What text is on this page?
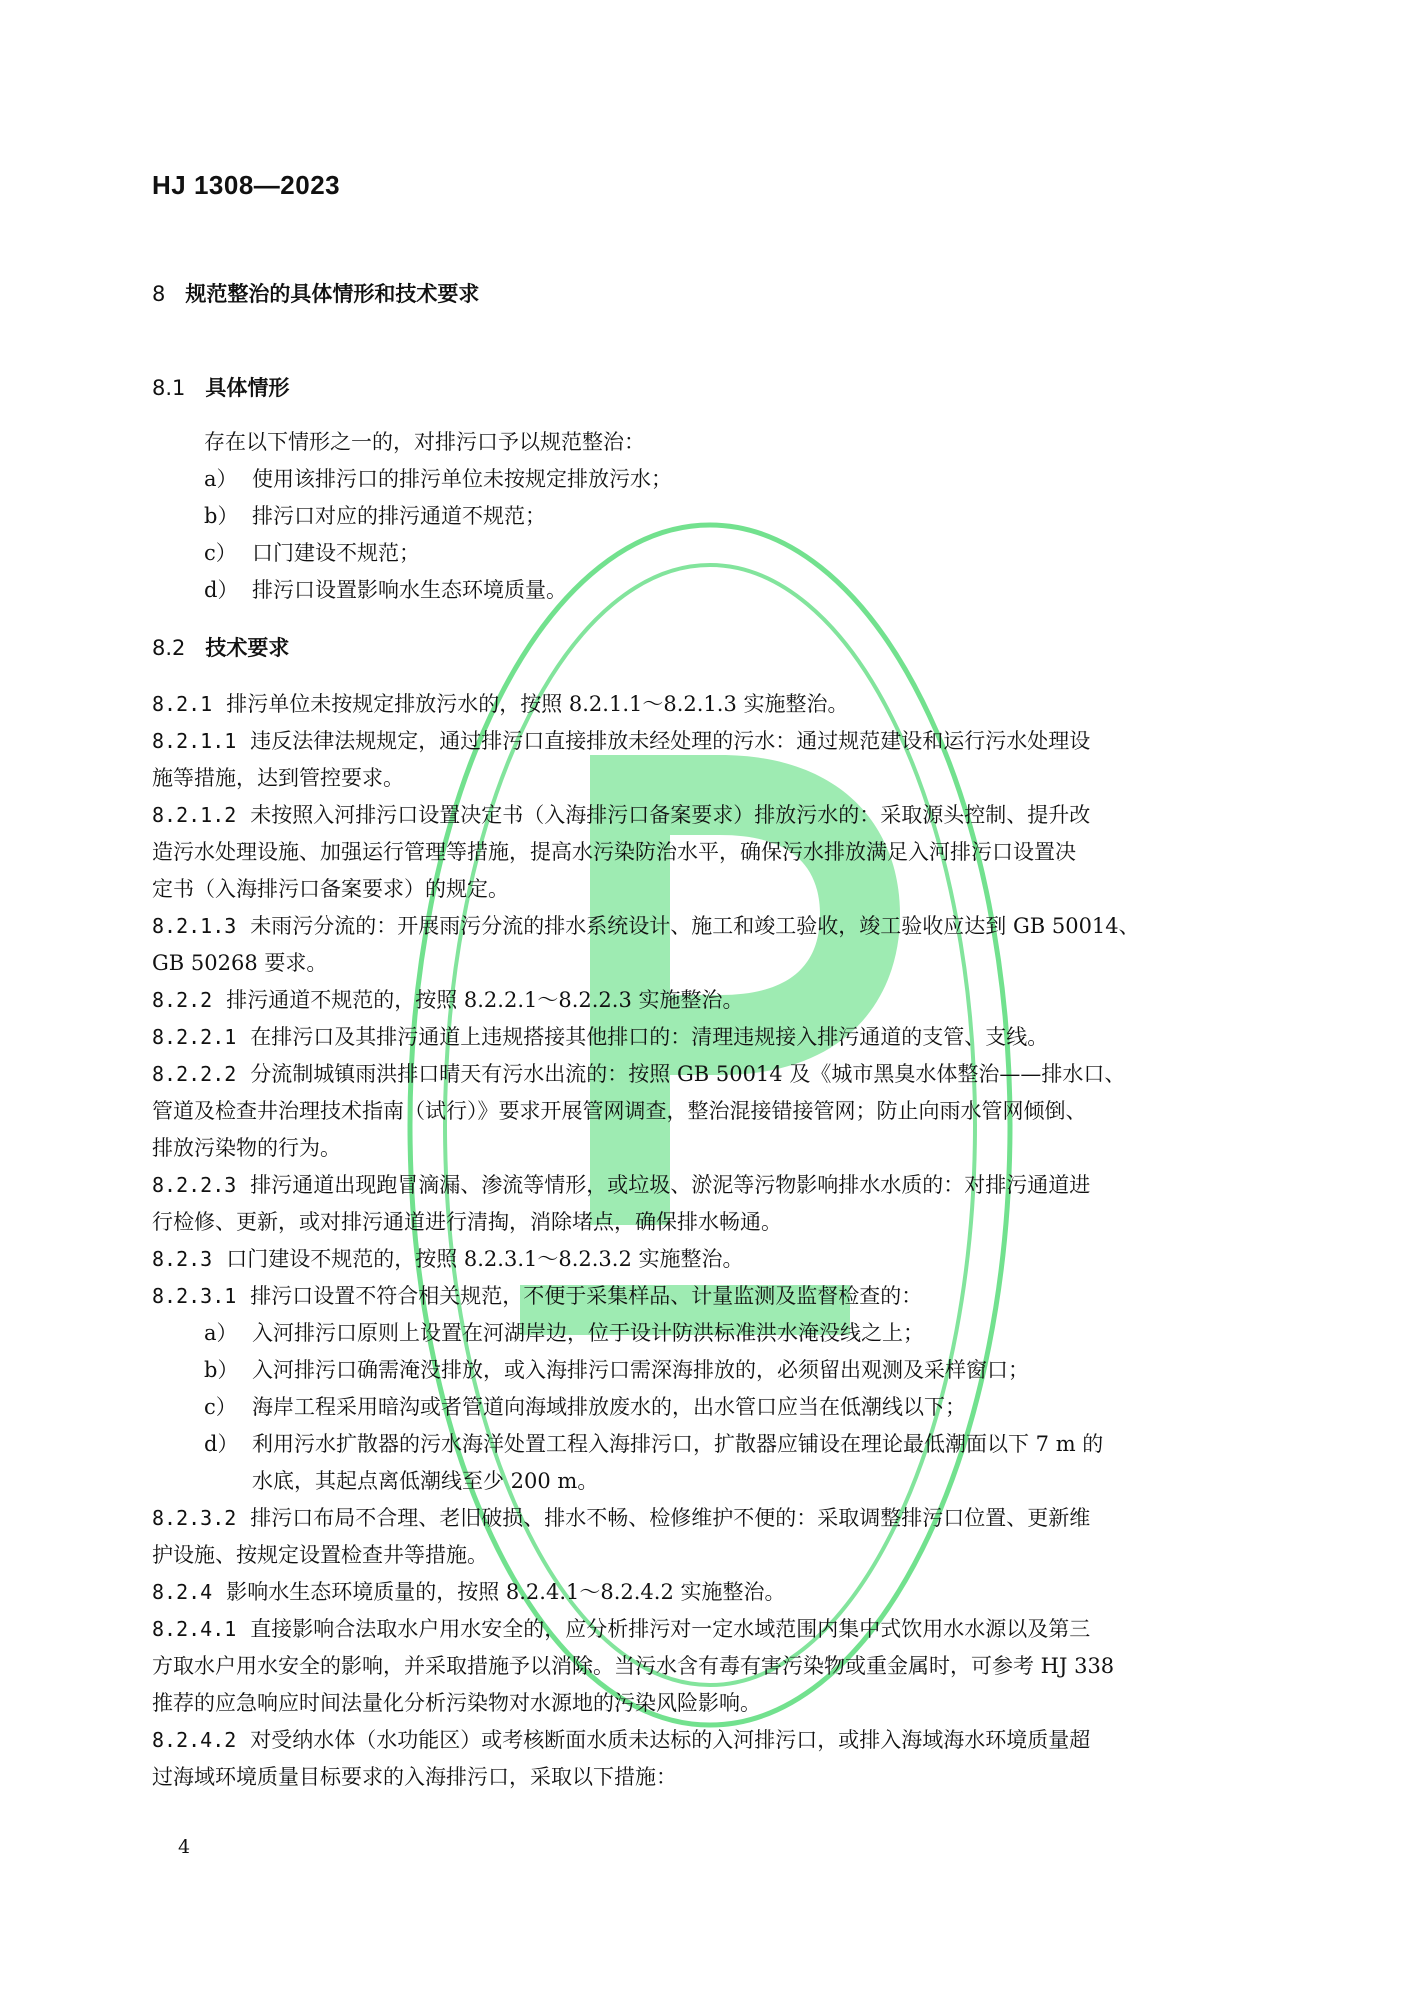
HJ 1308—2023
8 规范整治的具体情形和技术要求
8.1 具体情形
存在以下情形之一的，对排污口予以规范整治：
a） 使用该排污口的排污单位未按规定排放污水；
b） 排污口对应的排污通道不规范；
c） 口门建设不规范；
d） 排污口设置影响水生态环境质量。
8.2 技术要求
8.2.1 排污单位未按规定排放污水的，按照 8.2.1.1～8.2.1.3 实施整治。
8.2.1.1 违反法律法规规定，通过排污口直接排放未经处理的污水：通过规范建设和运行污水处理设
施等措施，达到管控要求。
8.2.1.2 未按照入河排污口设置决定书（入海排污口备案要求）排放污水的：采取源头控制、提升改
造污水处理设施、加强运行管理等措施，提高水污染防治水平，确保污水排放满足入河排污口设置决
定书（入海排污口备案要求）的规定。
8.2.1.3 未雨污分流的：开展雨污分流的排水系统设计、施工和竣工验收，竣工验收应达到 GB 50014、
GB 50268 要求。
8.2.2 排污通道不规范的，按照 8.2.2.1～8.2.2.3 实施整治。
8.2.2.1 在排污口及其排污通道上违规搭接其他排口的：清理违规接入排污通道的支管、支线。
8.2.2.2 分流制城镇雨洪排口晴天有污水出流的：按照 GB 50014 及《城市黑臭水体整治——排水口、
管道及检查井治理技术指南（试行）》要求开展管网调查，整治混接错接管网；防止向雨水管网倾倒、
排放污染物的行为。
8.2.2.3 排污通道出现跑冒滴漏、渗流等情形，或垃圾、淤泥等污物影响排水水质的：对排污通道进
行检修、更新，或对排污通道进行清掏，消除堵点，确保排水畅通。
8.2.3 口门建设不规范的，按照 8.2.3.1～8.2.3.2 实施整治。
8.2.3.1 排污口设置不符合相关规范，不便于采集样品、计量监测及监督检查的：
a） 入河排污口原则上设置在河湖岸边，位于设计防洪标准洪水淹没线之上；
b） 入河排污口确需淹没排放，或入海排污口需深海排放的，必须留出观测及采样窗口；
c） 海岸工程采用暗沟或者管道向海域排放废水的，出水管口应当在低潮线以下；
d） 利用污水扩散器的污水海洋处置工程入海排污口，扩散器应铺设在理论最低潮面以下 7 m 的
水底，其起点离低潮线至少 200 m。
8.2.3.2 排污口布局不合理、老旧破损、排水不畅、检修维护不便的：采取调整排污口位置、更新维
护设施、按规定设置检查井等措施。
8.2.4 影响水生态环境质量的，按照 8.2.4.1～8.2.4.2 实施整治。
8.2.4.1 直接影响合法取水户用水安全的，应分析排污对一定水域范围内集中式饮用水水源以及第三
方取水户用水安全的影响，并采取措施予以消除。当污水含有毒有害污染物或重金属时，可参考 HJ 338
推荐的应急响应时间法量化分析污染物对水源地的污染风险影响。
8.2.4.2 对受纳水体（水功能区）或考核断面水质未达标的入河排污口，或排入海域海水环境质量超
过海域环境质量目标要求的入海排污口，采取以下措施：
4
